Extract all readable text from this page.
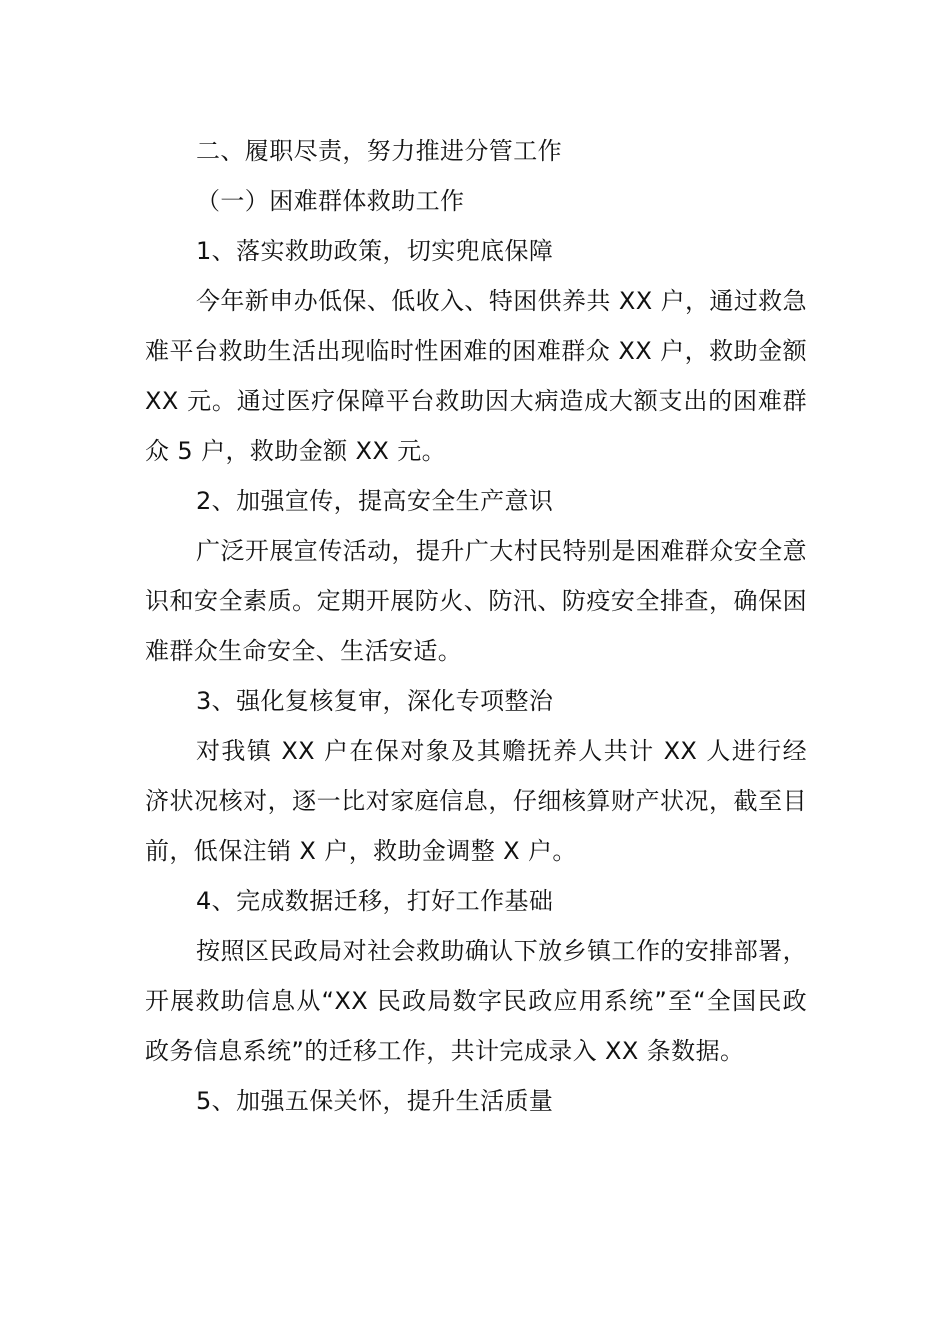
二、履职尽责，努力推进分管工作

（一）困难群体救助工作

1、落实救助政策，切实兜底保障

今年新申办低保、低收入、特困供养共 XX 户，通过救急难平台救助生活出现临时性困难的困难群众 XX 户，救助金额 XX 元。通过医疗保障平台救助因大病造成大额支出的困难群众 5 户，救助金额 XX 元。

2、加强宣传，提高安全生产意识

广泛开展宣传活动，提升广大村民特别是困难群众安全意识和安全素质。定期开展防火、防汛、防疫安全排查，确保困难群众生命安全、生活安适。

3、强化复核复审，深化专项整治

对我镇 XX 户在保对象及其赡抚养人共计 XX 人进行经济状况核对，逐一比对家庭信息，仔细核算财产状况，截至目前，低保注销 X 户，救助金调整 X 户。

4、完成数据迁移，打好工作基础

按照区民政局对社会救助确认下放乡镇工作的安排部署，开展救助信息从“XX 民政局数字民政应用系统”至“全国民政政务信息系统”的迁移工作，共计完成录入 XX 条数据。

5、加强五保关怀，提升生活质量
